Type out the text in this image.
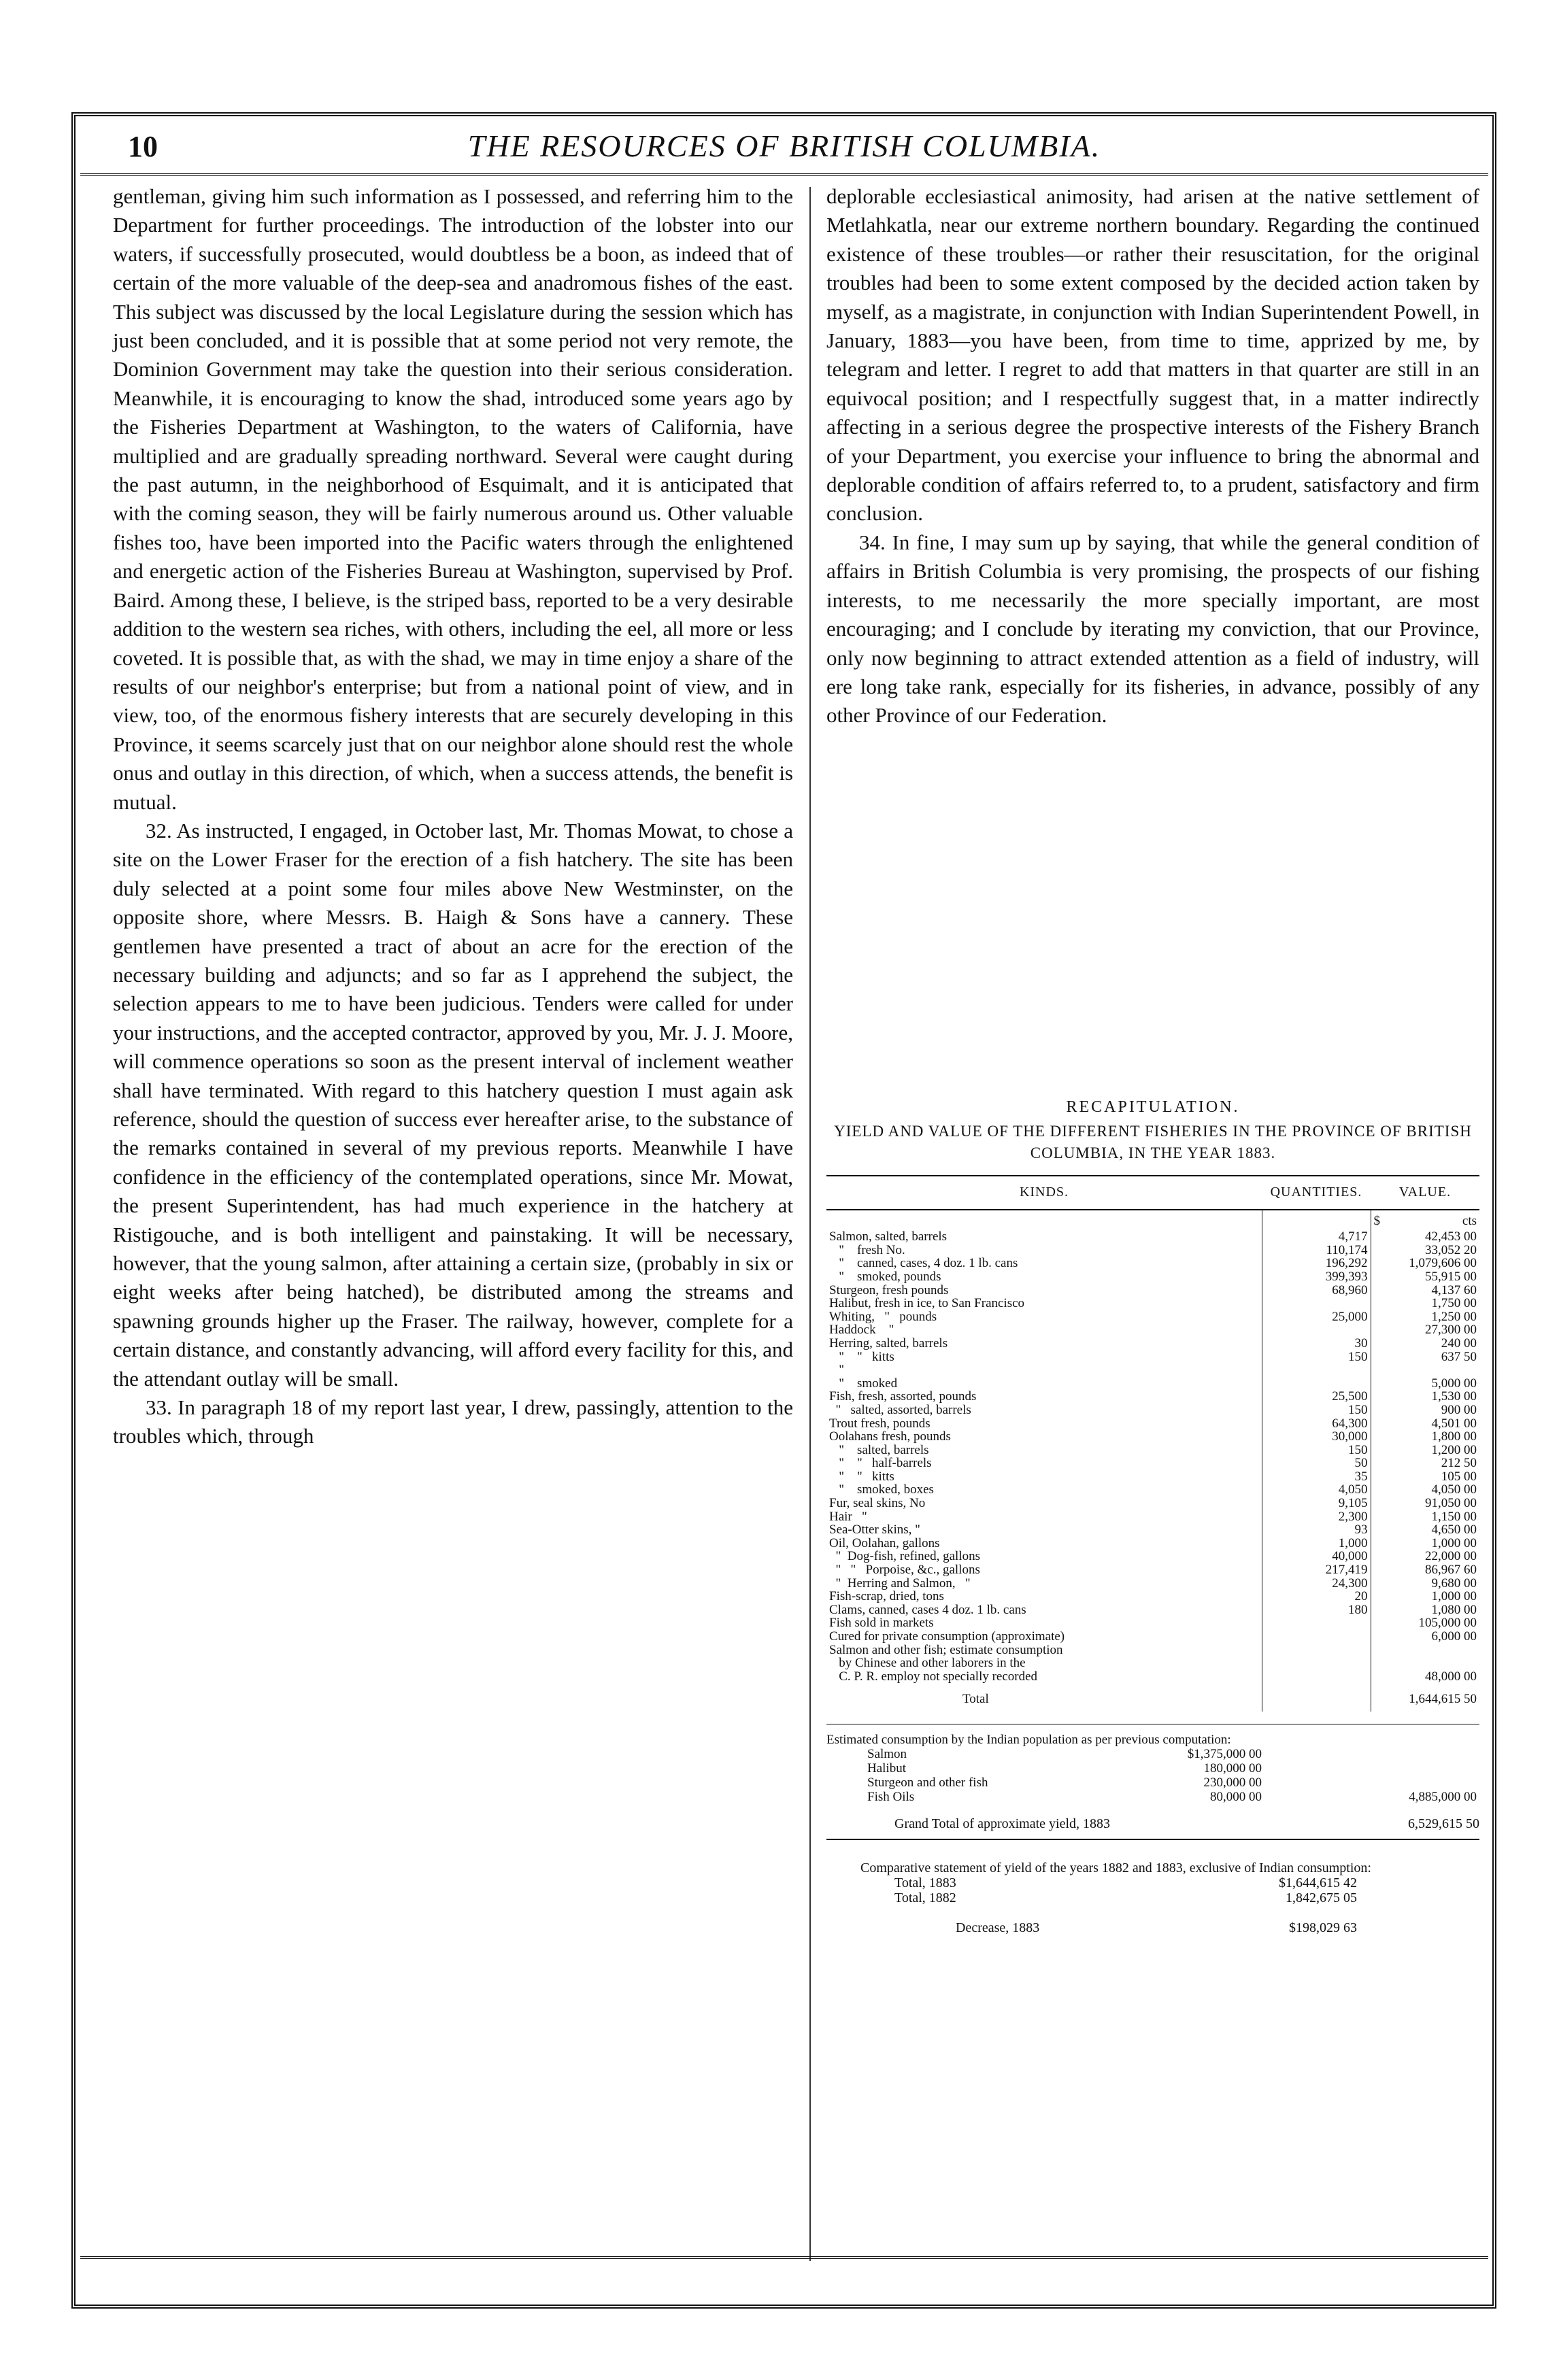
10	THE RESOURCES OF BRITISH COLUMBIA.

gentleman, giving him such information as I possessed, and referring him to the Department for further proceedings. The introduction of the lobster into our waters, if successfully prosecuted, would doubtless be a boon, as indeed that of certain of the more valuable of the deep-sea and anadromous fishes of the east. This subject was discussed by the local Legislature during the session which has just been concluded, and it is possible that at some period not very remote, the Dominion Government may take the question into their serious consideration. Meanwhile, it is encouraging to know the shad, introduced some years ago by the Fisheries Department at Washington, to the waters of California, have multiplied and are gradually spreading northward. Several were caught during the past autumn, in the neighborhood of Esquimalt, and it is anticipated that with the coming season, they will be fairly numerous around us. Other valuable fishes too, have been imported into the Pacific waters through the enlightened and energetic action of the Fisheries Bureau at Washington, supervised by Prof. Baird. Among these, I believe, is the striped bass, reported to be a very desirable addition to the western sea riches, with others, including the eel, all more or less coveted. It is possible that, as with the shad, we may in time enjoy a share of the results of our neighbor's enterprise; but from a national point of view, and in view, too, of the enormous fishery interests that are securely developing in this Province, it seems scarcely just that on our neighbor alone should rest the whole onus and outlay in this direction, of which, when a success attends, the benefit is mutual.

32. As instructed, I engaged, in October last, Mr. Thomas Mowat, to chose a site on the Lower Fraser for the erection of a fish hatchery. The site has been duly selected at a point some four miles above New Westminster, on the opposite shore, where Messrs. B. Haigh & Sons have a cannery. These gentlemen have presented a tract of about an acre for the erection of the necessary building and adjuncts; and so far as I apprehend the subject, the selection appears to me to have been judicious. Tenders were called for under your instructions, and the accepted contractor, approved by you, Mr. J. J. Moore, will commence operations so soon as the present interval of inclement weather shall have terminated. With regard to this hatchery question I must again ask reference, should the question of success ever hereafter arise, to the substance of the remarks contained in several of my previous reports. Meanwhile I have confidence in the efficiency of the contemplated operations, since Mr. Mowat, the present Superintendent, has had much experience in the hatchery at Ristigouche, and is both intelligent and painstaking. It will be necessary, however, that the young salmon, after attaining a certain size, (probably in six or eight weeks after being hatched), be distributed among the streams and spawning grounds higher up the Fraser. The railway, however, complete for a certain distance, and constantly advancing, will afford every facility for this, and the attendant outlay will be small.

33. In paragraph 18 of my report last year, I drew, passingly, attention to the troubles which, through

deplorable ecclesiastical animosity, had arisen at the native settlement of Metlahkatla, near our extreme northern boundary. Regarding the continued existence of these troubles—or rather their resuscitation, for the original troubles had been to some extent composed by the decided action taken by myself, as a magistrate, in conjunction with Indian Superintendent Powell, in January, 1883—you have been, from time to time, apprized by me, by telegram and letter. I regret to add that matters in that quarter are still in an equivocal position; and I respectfully suggest that, in a matter indirectly affecting in a serious degree the prospective interests of the Fishery Branch of your Department, you exercise your influence to bring the abnormal and deplorable condition of affairs referred to, to a prudent, satisfactory and firm conclusion.

34. In fine, I may sum up by saying, that while the general condition of affairs in British Columbia is very promising, the prospects of our fishing interests, to me necessarily the more specially important, are most encouraging; and I conclude by iterating my conviction, that our Province, only now beginning to attract extended attention as a field of industry, will ere long take rank, especially for its fisheries, in advance, possibly of any other Province of our Federation.

RECAPITULATION.
YIELD AND VALUE OF THE DIFFERENT FISHERIES IN THE PROVINCE OF BRITISH COLUMBIA, IN THE YEAR 1883.
KINDS.	QUANTITIES.	VALUE.

		$ cts
Salmon, salted, barrels	4,717	42,453 00
"    fresh No.	110,174	33,052 20
"    canned, cases, 4 doz. 1 lb. cans	196,292	1,079,606 00
"    smoked, pounds	399,393	55,915 00
Sturgeon, fresh pounds	68,960	4,137 60
Halibut, fresh in ice, to San Francisco		1,750 00
Whiting,   "   pounds	25,000	1,250 00
Haddock    "		27,300 00
Herring, salted, barrels	30	240 00
"    "   kitts	150	637 50
"		
"    smoked		5,000 00
Fish, fresh, assorted, pounds	25,500	1,530 00
"   salted, assorted, barrels	150	900 00
Trout fresh, pounds	64,300	4,501 00
Oolahans fresh, pounds	30,000	1,800 00
"    salted, barrels	150	1,200 00
"    "   half-barrels	50	212 50
"    "   kitts	35	105 00
"    smoked, boxes	4,050	4,050 00
Fur, seal skins, No	9,105	91,050 00
Hair   "	2,300	1,150 00
Sea-Otter skins, "	93	4,650 00
Oil, Oolahan, gallons	1,000	1,000 00
"  Dog-fish, refined, gallons	40,000	22,000 00
"   "   Porpoise, &c., gallons	217,419	86,967 60
"  Herring and Salmon,   "	24,300	9,680 00
Fish-scrap, dried, tons	20	1,000 00
Clams, canned, cases 4 doz. 1 lb. cans	180	1,080 00
Fish sold in markets		105,000 00
Cured for private consumption (approximate)		6,000 00
Salmon and other fish; estimate consumption		
by Chinese and other laborers in the		
C. P. R. employ not specially recorded		48,000 00
Total		1,644,615 50
Estimated consumption by the Indian population as per previous computation:
Salmon	$1,375,000 00
Halibut	180,000 00
Sturgeon and other fish	230,000 00
Fish Oils	80,000 00	4,885,000 00
Grand Total of approximate yield, 1883	6,529,615 50
Comparative statement of yield of the years 1882 and 1883, exclusive of Indian consumption:
Total, 1883	$1,644,615 42
Total, 1882	1,842,675 05
Decrease, 1883	$198,029 63
